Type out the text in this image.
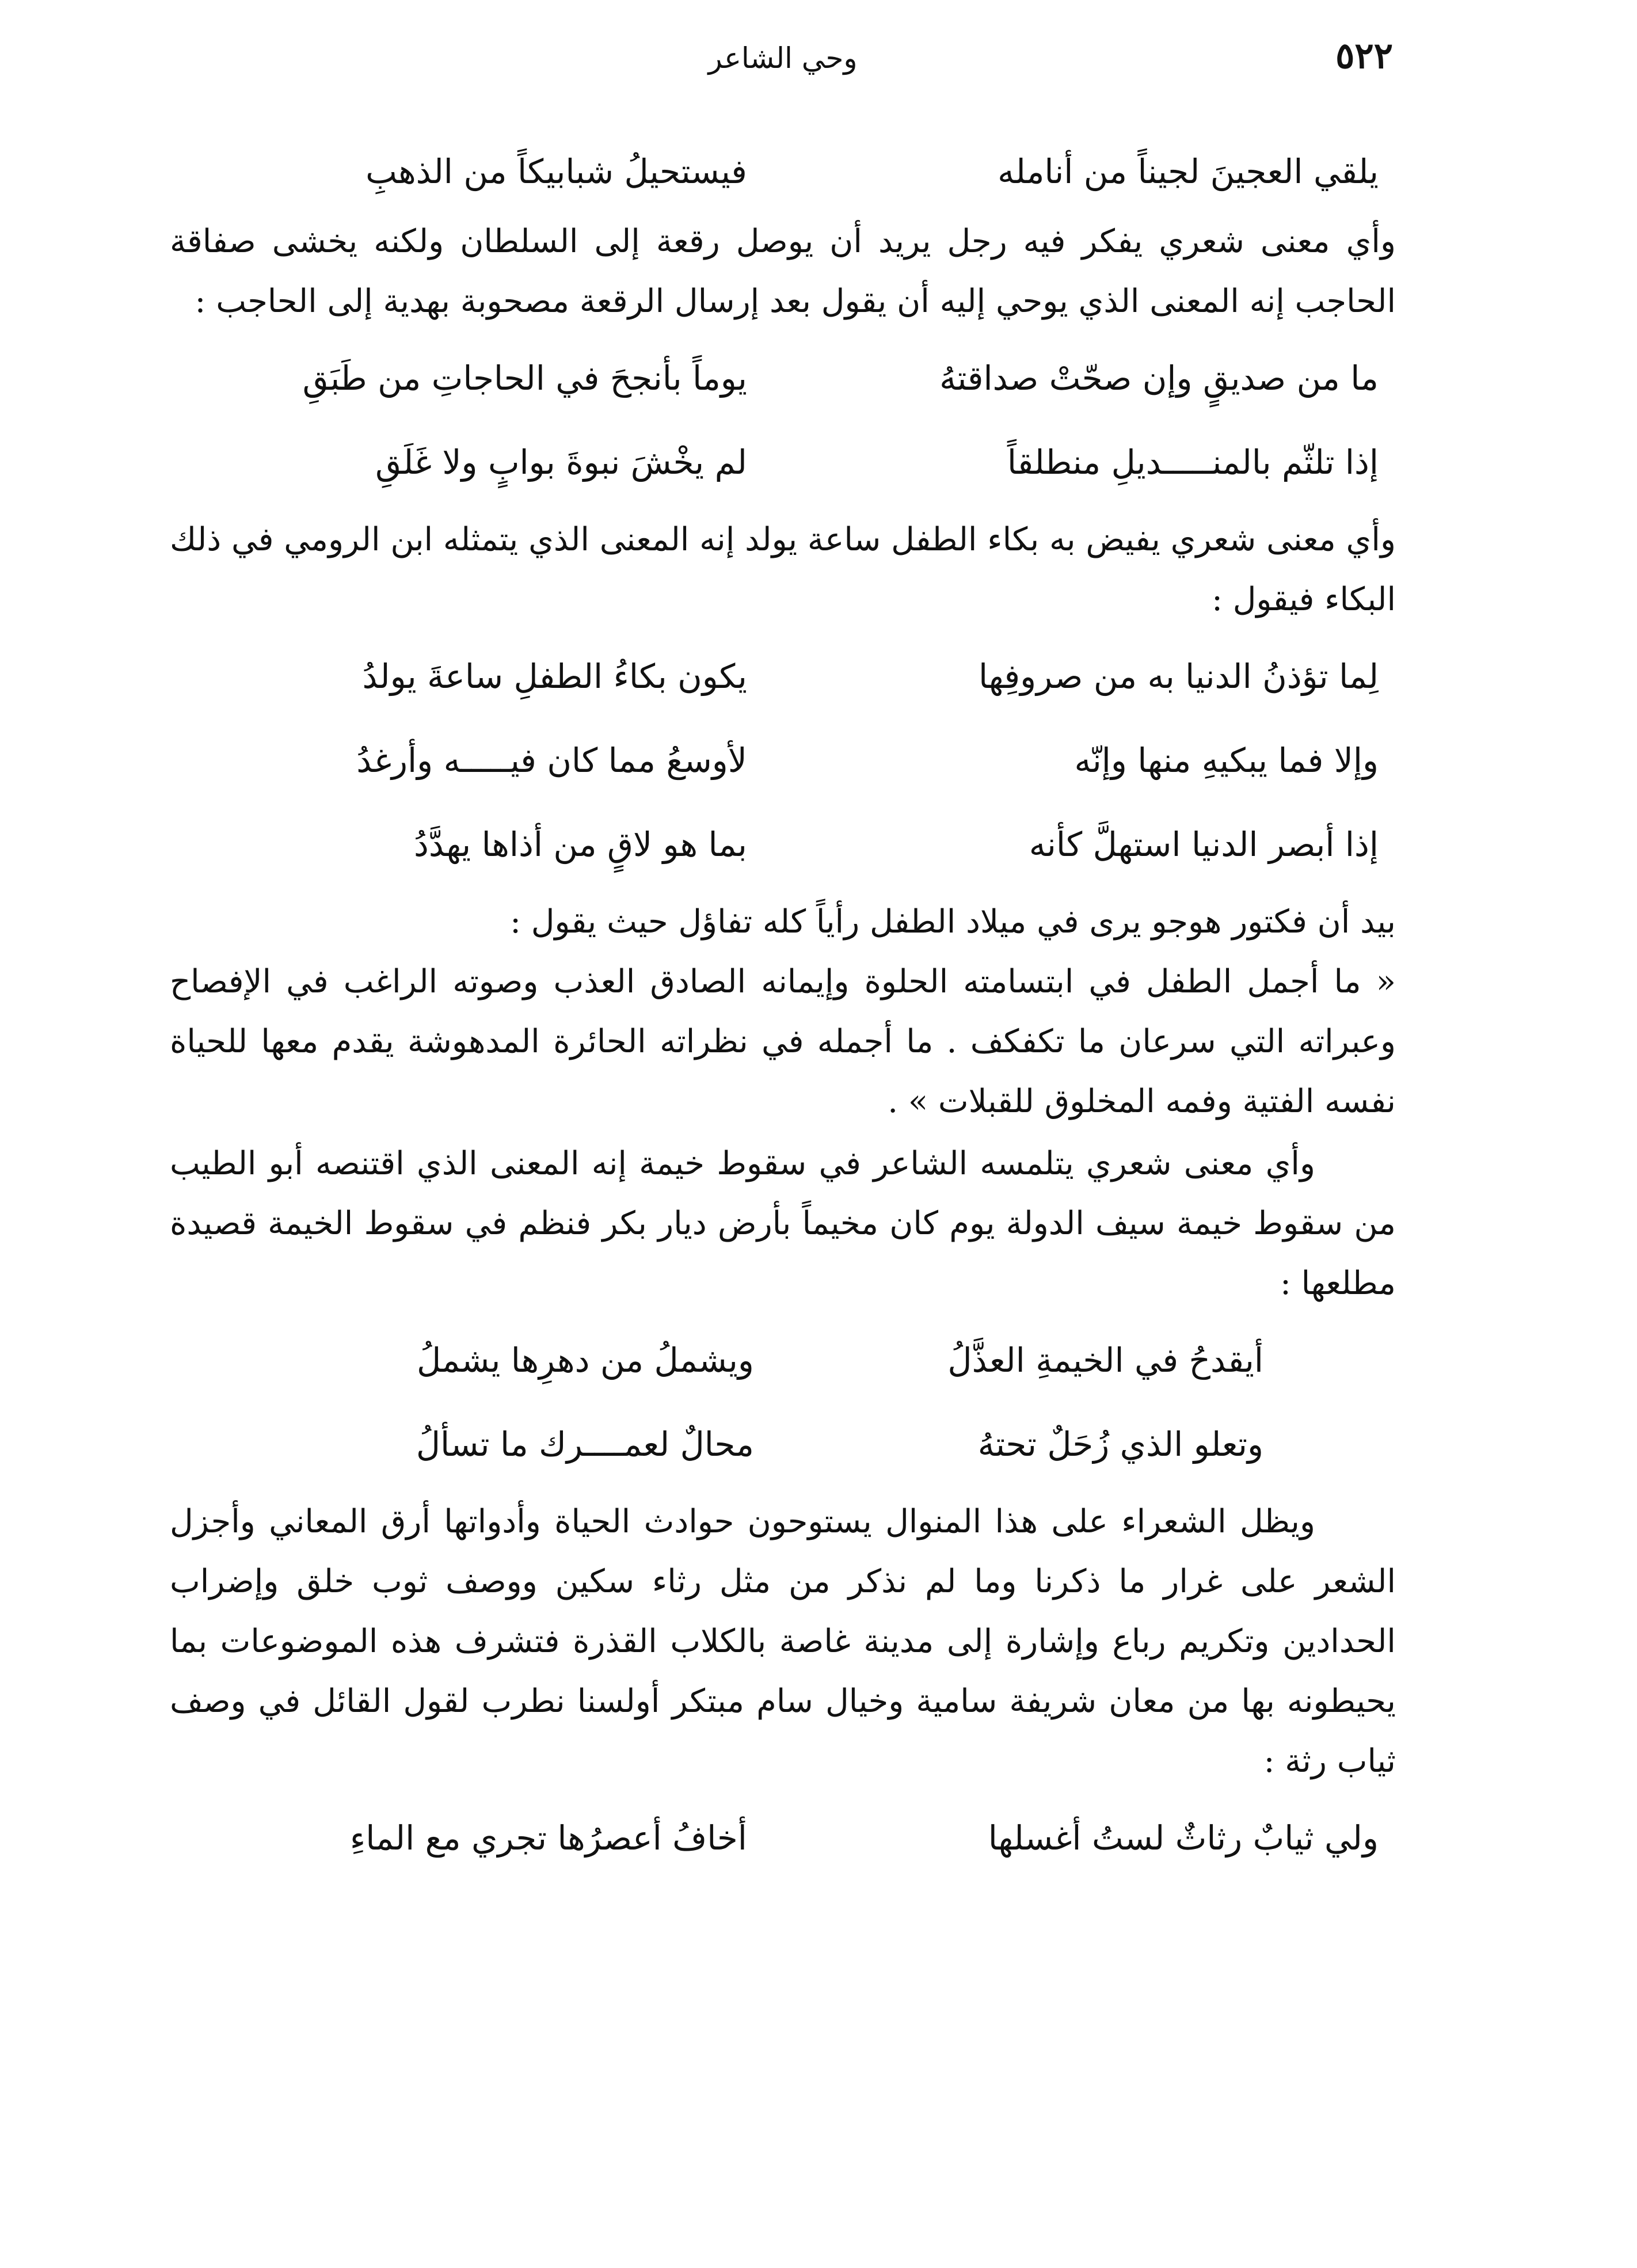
٥٢٢
وحي الشاعر
يلقي العجينَ لجيناً من أنامله
فيستحيلُ شبابيكاً من الذهبِ

وأي معنى شعري يفكر فيه رجل يريد أن يوصل رقعة إلى السلطان ولكنه يخشى صفاقة الحاجب إنه المعنى الذي يوحي إليه أن يقول بعد إرسال الرقعة مصحوبة بهدية إلى الحاجب :

ما من صديقٍ وإن صحّتْ صداقتهُ
يوماً بأنجحَ في الحاجاتِ من طَبَقِ
إذا تلثّم بالمنـــــديلِ منطلقاً
لم يخْشَ نبوةَ بوابٍ ولا غَلَقِ

وأي معنى شعري يفيض به بكاء الطفل ساعة يولد إنه المعنى الذي يتمثله ابن الرومي في ذلك البكاء فيقول :

لِما تؤذنُ الدنيا به من صروفِها
يكون بكاءُ الطفلِ ساعةَ يولدُ
وإلا فما يبكيهِ منها وإنّه
لأوسعُ مما كان فيـــــه وأرغدُ
إذا أبصر الدنيا استهلَّ كأنه
بما هو لاقٍ من أذاها يهدَّدُ

بيد أن فكتور هوجو يرى في ميلاد الطفل رأياً كله تفاؤل حيث يقول :

« ما أجمل الطفل في ابتسامته الحلوة وإيمانه الصادق العذب وصوته الراغب في الإفصاح وعبراته التي سرعان ما تكفكف . ما أجمله في نظراته الحائرة المدهوشة يقدم معها للحياة نفسه الفتية وفمه المخلوق للقبلات » .

وأي معنى شعري يتلمسه الشاعر في سقوط خيمة إنه المعنى الذي اقتنصه أبو الطيب من سقوط خيمة سيف الدولة يوم كان مخيماً بأرض ديار بكر فنظم في سقوط الخيمة قصيدة مطلعها :

أيقدحُ في الخيمةِ العذَّلُ
ويشملُ من دهرِها يشملُ
وتعلو الذي زُحَلٌ تحتهُ
محالٌ لعمــــرك ما تسألُ

ويظل الشعراء على هذا المنوال يستوحون حوادث الحياة وأدواتها أرق المعاني وأجزل الشعر على غرار ما ذكرنا وما لم نذكر من مثل رثاء سكين ووصف ثوب خلق وإضراب الحدادين وتكريم رباع وإشارة إلى مدينة غاصة بالكلاب القذرة فتشرف هذه الموضوعات بما يحيطونه بها من معان شريفة سامية وخيال سام مبتكر أولسنا نطرب لقول القائل في وصف ثياب رثة :

ولي ثيابٌ رثاثٌ لستُ أغسلها
أخافُ أعصرُها تجري مع الماءِ
